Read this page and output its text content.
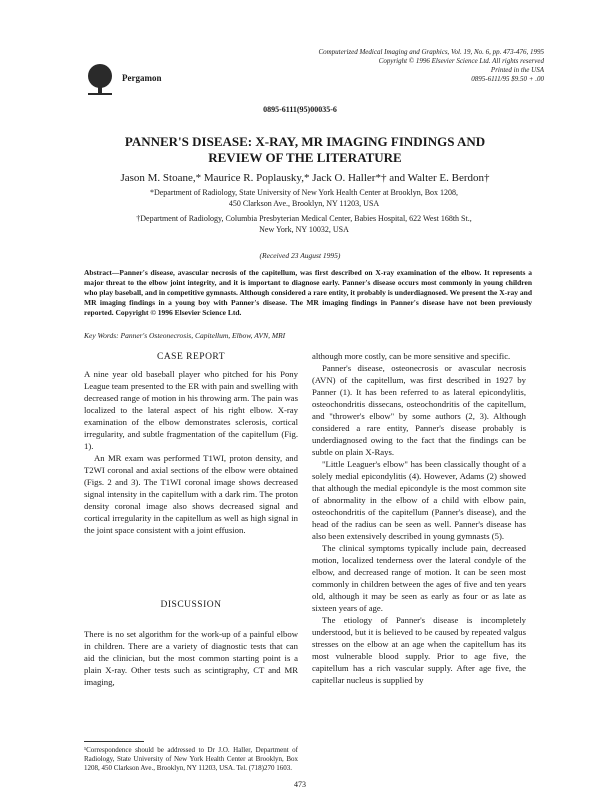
Pergamon
Computerized Medical Imaging and Graphics, Vol. 19, No. 6, pp. 473-476, 1995
Copyright © 1996 Elsevier Science Ltd. All rights reserved
Printed in the USA
0895-6111/95 $9.50 + .00
0895-6111(95)00035-6
PANNER'S DISEASE: X-RAY, MR IMAGING FINDINGS AND REVIEW OF THE LITERATURE
Jason M. Stoane,* Maurice R. Poplausky,* Jack O. Haller*† and Walter E. Berdon†
*Department of Radiology, State University of New York Health Center at Brooklyn, Box 1208,
450 Clarkson Ave., Brooklyn, NY 11203, USA
†Department of Radiology, Columbia Presbyterian Medical Center, Babies Hospital, 622 West 168th St.,
New York, NY 10032, USA
(Received 23 August 1995)
Abstract—Panner's disease, avascular necrosis of the capitellum, was first described on X-ray examination of the elbow. It represents a major threat to the elbow joint integrity, and it is important to diagnose early. Panner's disease occurs most commonly in young children who play baseball, and in competitive gymnasts. Although considered a rare entity, it probably is underdiagnosed. We present the X-ray and MR imaging findings in a young boy with Panner's disease. The MR imaging findings in Panner's disease have not been previously reported. Copyright © 1996 Elsevier Science Ltd.
Key Words: Panner's Osteonecrosis, Capitellum, Elbow, AVN, MRI
CASE REPORT

A nine year old baseball player who pitched for his Pony League team presented to the ER with pain and swelling with decreased range of motion in his throwing arm. The pain was localized to the lateral aspect of his right elbow. X-ray examination of the elbow demonstrates sclerosis, cortical irregularity, and subtle fragmentation of the capitellum (Fig. 1).

An MR exam was performed T1WI, proton density, and T2WI coronal and axial sections of the elbow were obtained (Figs. 2 and 3). The T1WI coronal image shows decreased signal intensity in the capitellum with a dark rim. The proton density coronal image also shows decreased signal and cortical irregularity in the capitellum as well as high signal in the joint space consistent with a joint effusion.

DISCUSSION

There is no set algorithm for the work-up of a painful elbow in children. There are a variety of diagnostic tests that can aid the clinician, but the most common starting point is a plain X-ray. Other tests such as scintigraphy, CT and MR imaging,

¹Correspondence should be addressed to Dr J.O. Haller, Department of Radiology, State University of New York Health Center at Brooklyn, Box 1208, 450 Clarkson Ave., Brooklyn, NY 11203, USA. Tel. (718)270 1603.

although more costly, can be more sensitive and specific.

Panner's disease, osteonecrosis or avascular necrosis (AVN) of the capitellum, was first described in 1927 by Panner (1). It has been referred to as lateral epicondylitis, osteochondritis dissecans, osteochondritis of the capitellum, and "thrower's elbow" by some authors (2, 3). Although considered a rare entity, Panner's disease probably is underdiagnosed owing to the fact that the findings can be subtle on plain X-Rays.

"Little Leaguer's elbow" has been classically thought of a solely medial epicondylitis (4). However, Adams (2) showed that although the medial epicondyle is the most common site of abnormality in the elbow of a child with elbow pain, osteochondritis of the capitellum (Panner's disease), and the head of the radius can be seen as well. Panner's disease has also been extensively described in young gymnasts (5).

The clinical symptoms typically include pain, decreased motion, localized tenderness over the lateral condyle of the elbow, and decreased range of motion. It can be seen most commonly in children between the ages of five and ten years old, although it may be seen as early as four or as late as sixteen years of age.

The etiology of Panner's disease is incompletely understood, but it is believed to be caused by repeated valgus stresses on the elbow at an age when the capitellum has its most vulnerable blood supply. Prior to age five, the capitellum has a rich vascular supply. After age five, the capitellar nucleus is supplied by

473
